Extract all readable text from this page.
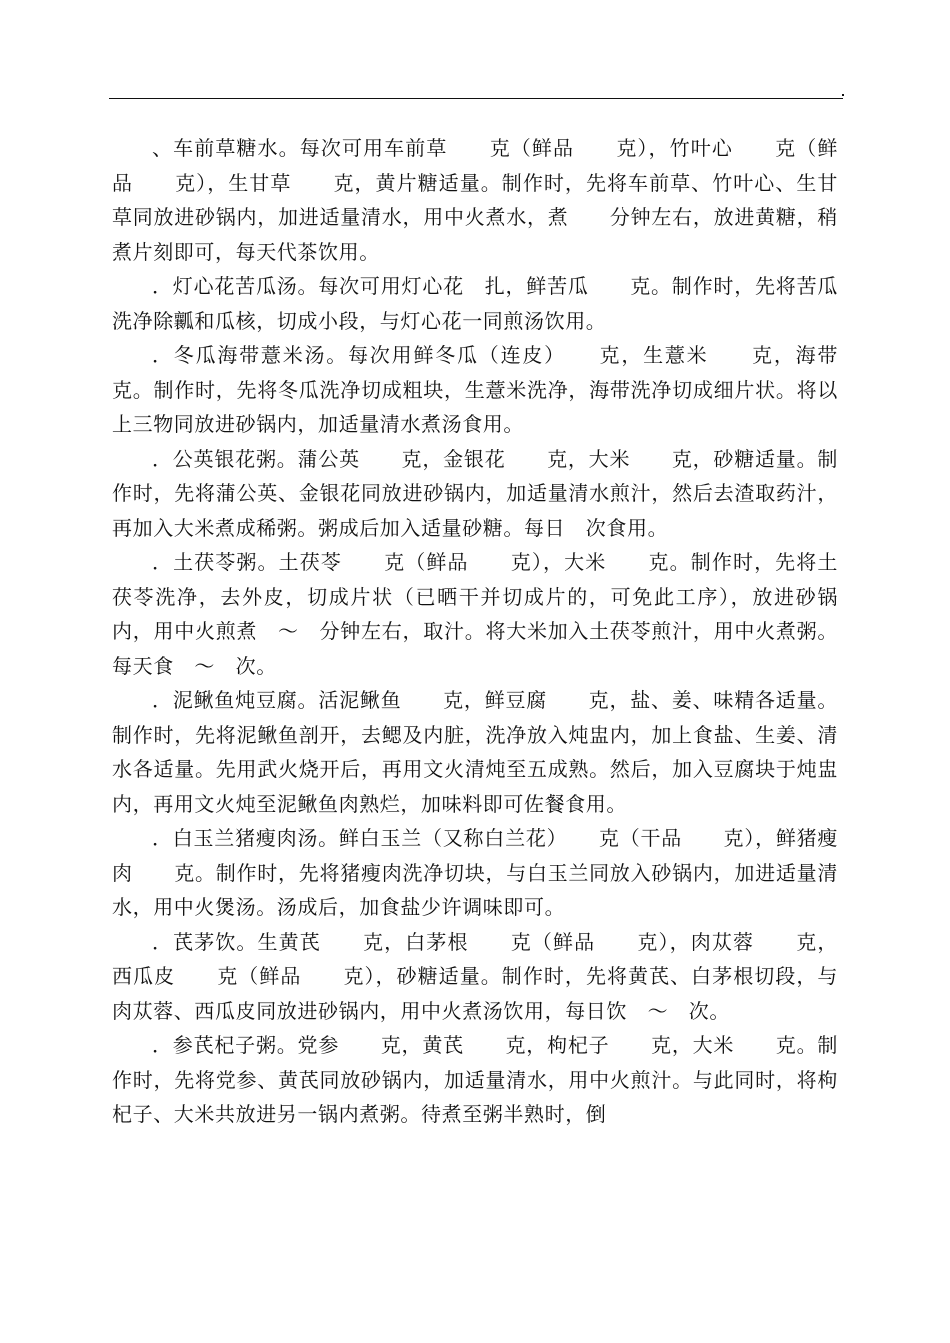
、车前草糖水。每次可用车前草　　克（鲜品　　克），竹叶心　　克（鲜品　　克），生甘草　　克，黄片糖适量。制作时，先将车前草、竹叶心、生甘草同放进砂锅内，加进适量清水，用中火煮水，煮　　分钟左右，放进黄糖，稍煮片刻即可，每天代茶饮用。

．灯心花苦瓜汤。每次可用灯心花　扎，鲜苦瓜　　克。制作时，先将苦瓜洗净除瓤和瓜核，切成小段，与灯心花一同煎汤饮用。

．冬瓜海带薏米汤。每次用鲜冬瓜（连皮）　　克，生薏米　　克，海带　　克。制作时，先将冬瓜洗净切成粗块，生薏米洗净，海带洗净切成细片状。将以上三物同放进砂锅内，加适量清水煮汤食用。

．公英银花粥。蒲公英　　克，金银花　　克，大米　　克，砂糖适量。制作时，先将蒲公英、金银花同放进砂锅内，加适量清水煎汁，然后去渣取药汁，再加入大米煮成稀粥。粥成后加入适量砂糖。每日　次食用。

．土茯苓粥。土茯苓　　克（鲜品　　克），大米　　克。制作时，先将土茯苓洗净，去外皮，切成片状（已晒干并切成片的，可免此工序），放进砂锅内，用中火煎煮　～　分钟左右，取汁。将大米加入土茯苓煎汁，用中火煮粥。每天食　～　次。

．泥鳅鱼炖豆腐。活泥鳅鱼　　克，鲜豆腐　　克，盐、姜、味精各适量。制作时，先将泥鳅鱼剖开，去鳃及内脏，洗净放入炖盅内，加上食盐、生姜、清水各适量。先用武火烧开后，再用文火清炖至五成熟。然后，加入豆腐块于炖盅内，再用文火炖至泥鳅鱼肉熟烂，加味料即可佐餐食用。

．白玉兰猪瘦肉汤。鲜白玉兰（又称白兰花）　　克（干品　　克），鲜猪瘦肉　　克。制作时，先将猪瘦肉洗净切块，与白玉兰同放入砂锅内，加进适量清水，用中火煲汤。汤成后，加食盐少许调味即可。

．芪茅饮。生黄芪　　克，白茅根　　克（鲜品　　克），肉苁蓉　　克，西瓜皮　　克（鲜品　　克），砂糖适量。制作时，先将黄芪、白茅根切段，与肉苁蓉、西瓜皮同放进砂锅内，用中火煮汤饮用，每日饮　～　次。

．参芪杞子粥。党参　　克，黄芪　　克，枸杞子　　克，大米　　克。制作时，先将党参、黄芪同放砂锅内，加适量清水，用中火煎汁。与此同时，将枸杞子、大米共放进另一锅内煮粥。待煮至粥半熟时，倒
